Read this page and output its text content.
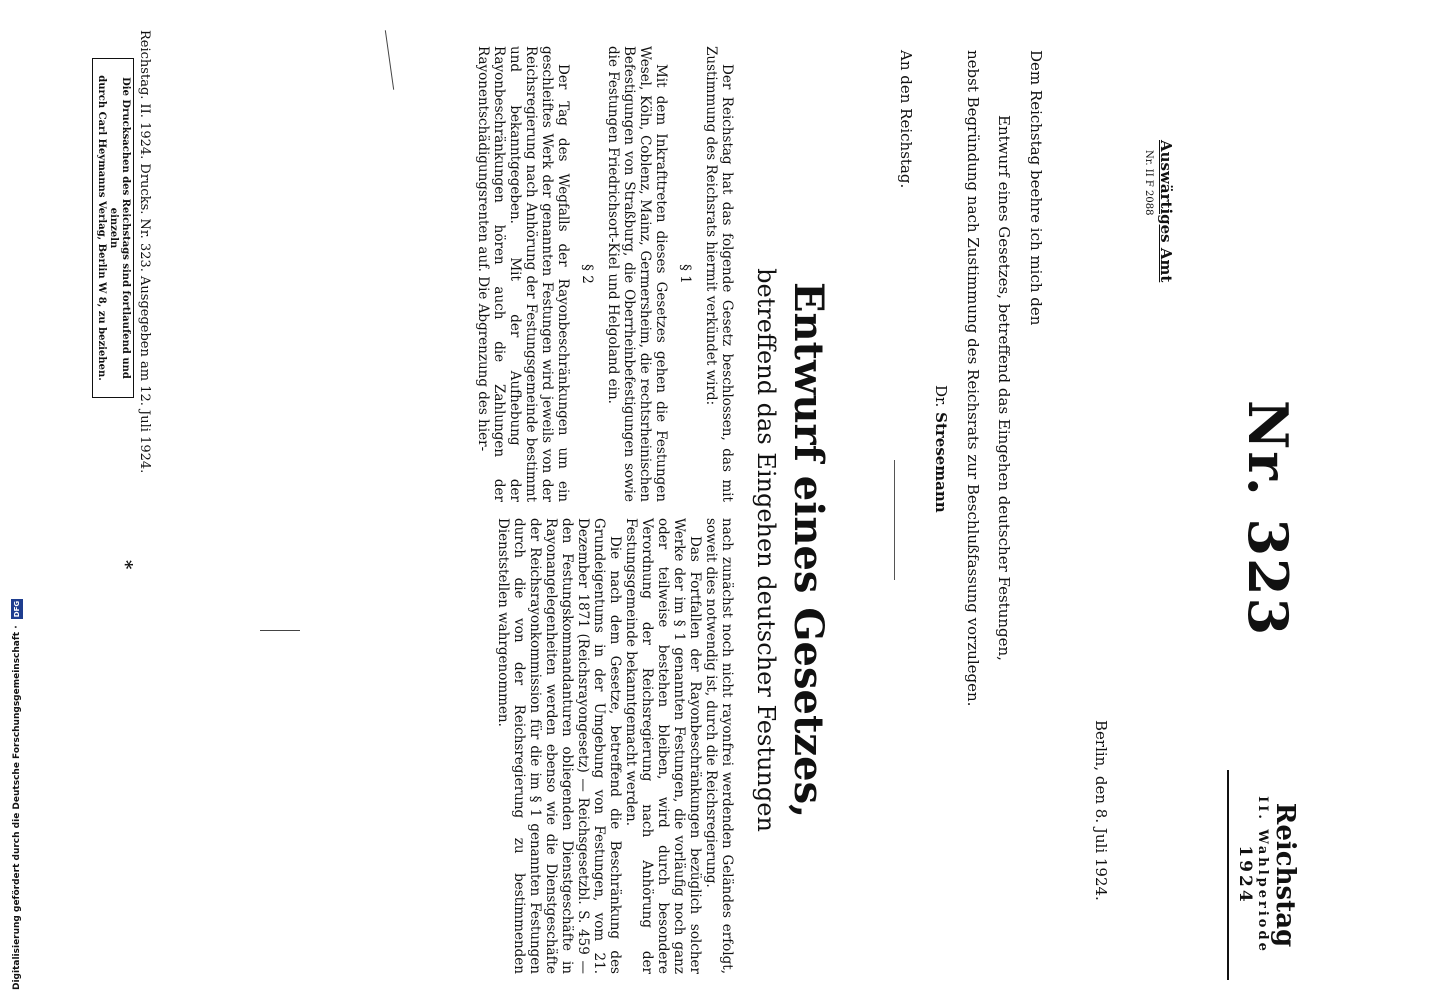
Digitalisierung gefördert durch die Deutsche Forschungsgemeinschaft · DFG	Nr. 323
Reichstag
II. Wahlperiode
1924
Auswärtiges Amt
Nr. II F 2088
Berlin, den 8. Juli 1924.
Dem Reichstag beehre ich mich den
Entwurf eines Gesetzes, betreffend das Eingehen deutscher Festungen,
nebst Begründung nach Zustimmung des Reichsrats zur Beschlußfassung vorzulegen.
Dr. Stresemann
An den Reichstag.
Entwurf eines Gesetzes,
betreffend das Eingehen deutscher Festungen

Der Reichstag hat das folgende Gesetz beschlossen, das mit Zustimmung des Reichsrats hiermit verkündet wird:

§ 1

Mit dem Inkrafttreten dieses Gesetzes gehen die Festungen Wesel, Köln, Coblenz, Mainz, Germersheim, die rechtsrheinischen Befestigungen von Straßburg, die Oberrheinbefestigungen sowie die Festungen Friedrichsort-Kiel und Helgoland ein.

§ 2

Der Tag des Wegfalls der Rayonbeschränkungen um ein geschleiftes Werk der genannten Festungen wird jeweils von der Reichsregierung nach Anhörung der Festungsgemeinde bestimmt und bekanntgegeben. Mit der Aufhebung der Rayonbeschränkungen hören auch die Zahlungen der Rayonentschädigungsrenten auf. Die Abgrenzung des hier-

nach zunächst noch nicht rayonfrei werdenden Geländes erfolgt, soweit dies notwendig ist, durch die Reichsregierung.

Das Fortfallen der Rayonbeschränkungen bezüglich solcher Werke der im § 1 genannten Festungen, die vorläufig noch ganz oder teilweise bestehen bleiben, wird durch besondere Verordnung der Reichsregierung nach Anhörung der Festungsgemeinde bekanntgemacht werden.

Die nach dem Gesetze, betreffend die Beschränkung des Grundeigentums in der Umgebung von Festungen, vom 21. Dezember 1871 (Reichsrayongesetz) — Reichsgesetzbl. S. 459 — den Festungskommandanturen obliegenden Dienstgeschäfte in Rayonangelegenheiten werden ebenso wie die Dienstgeschäfte der Reichsrayonkommission für die im § 1 genannten Festungen durch die von der Reichsregierung zu bestimmenden Dienststellen wahrgenommen.

Reichstag. II. 1924. Drucks. Nr. 323. Ausgegeben am 12. Juli 1924.
*
Die Drucksachen des Reichstags sind fortlaufend und einzeln
durch Carl Heymanns Verlag, Berlin W 8, zu beziehen.
